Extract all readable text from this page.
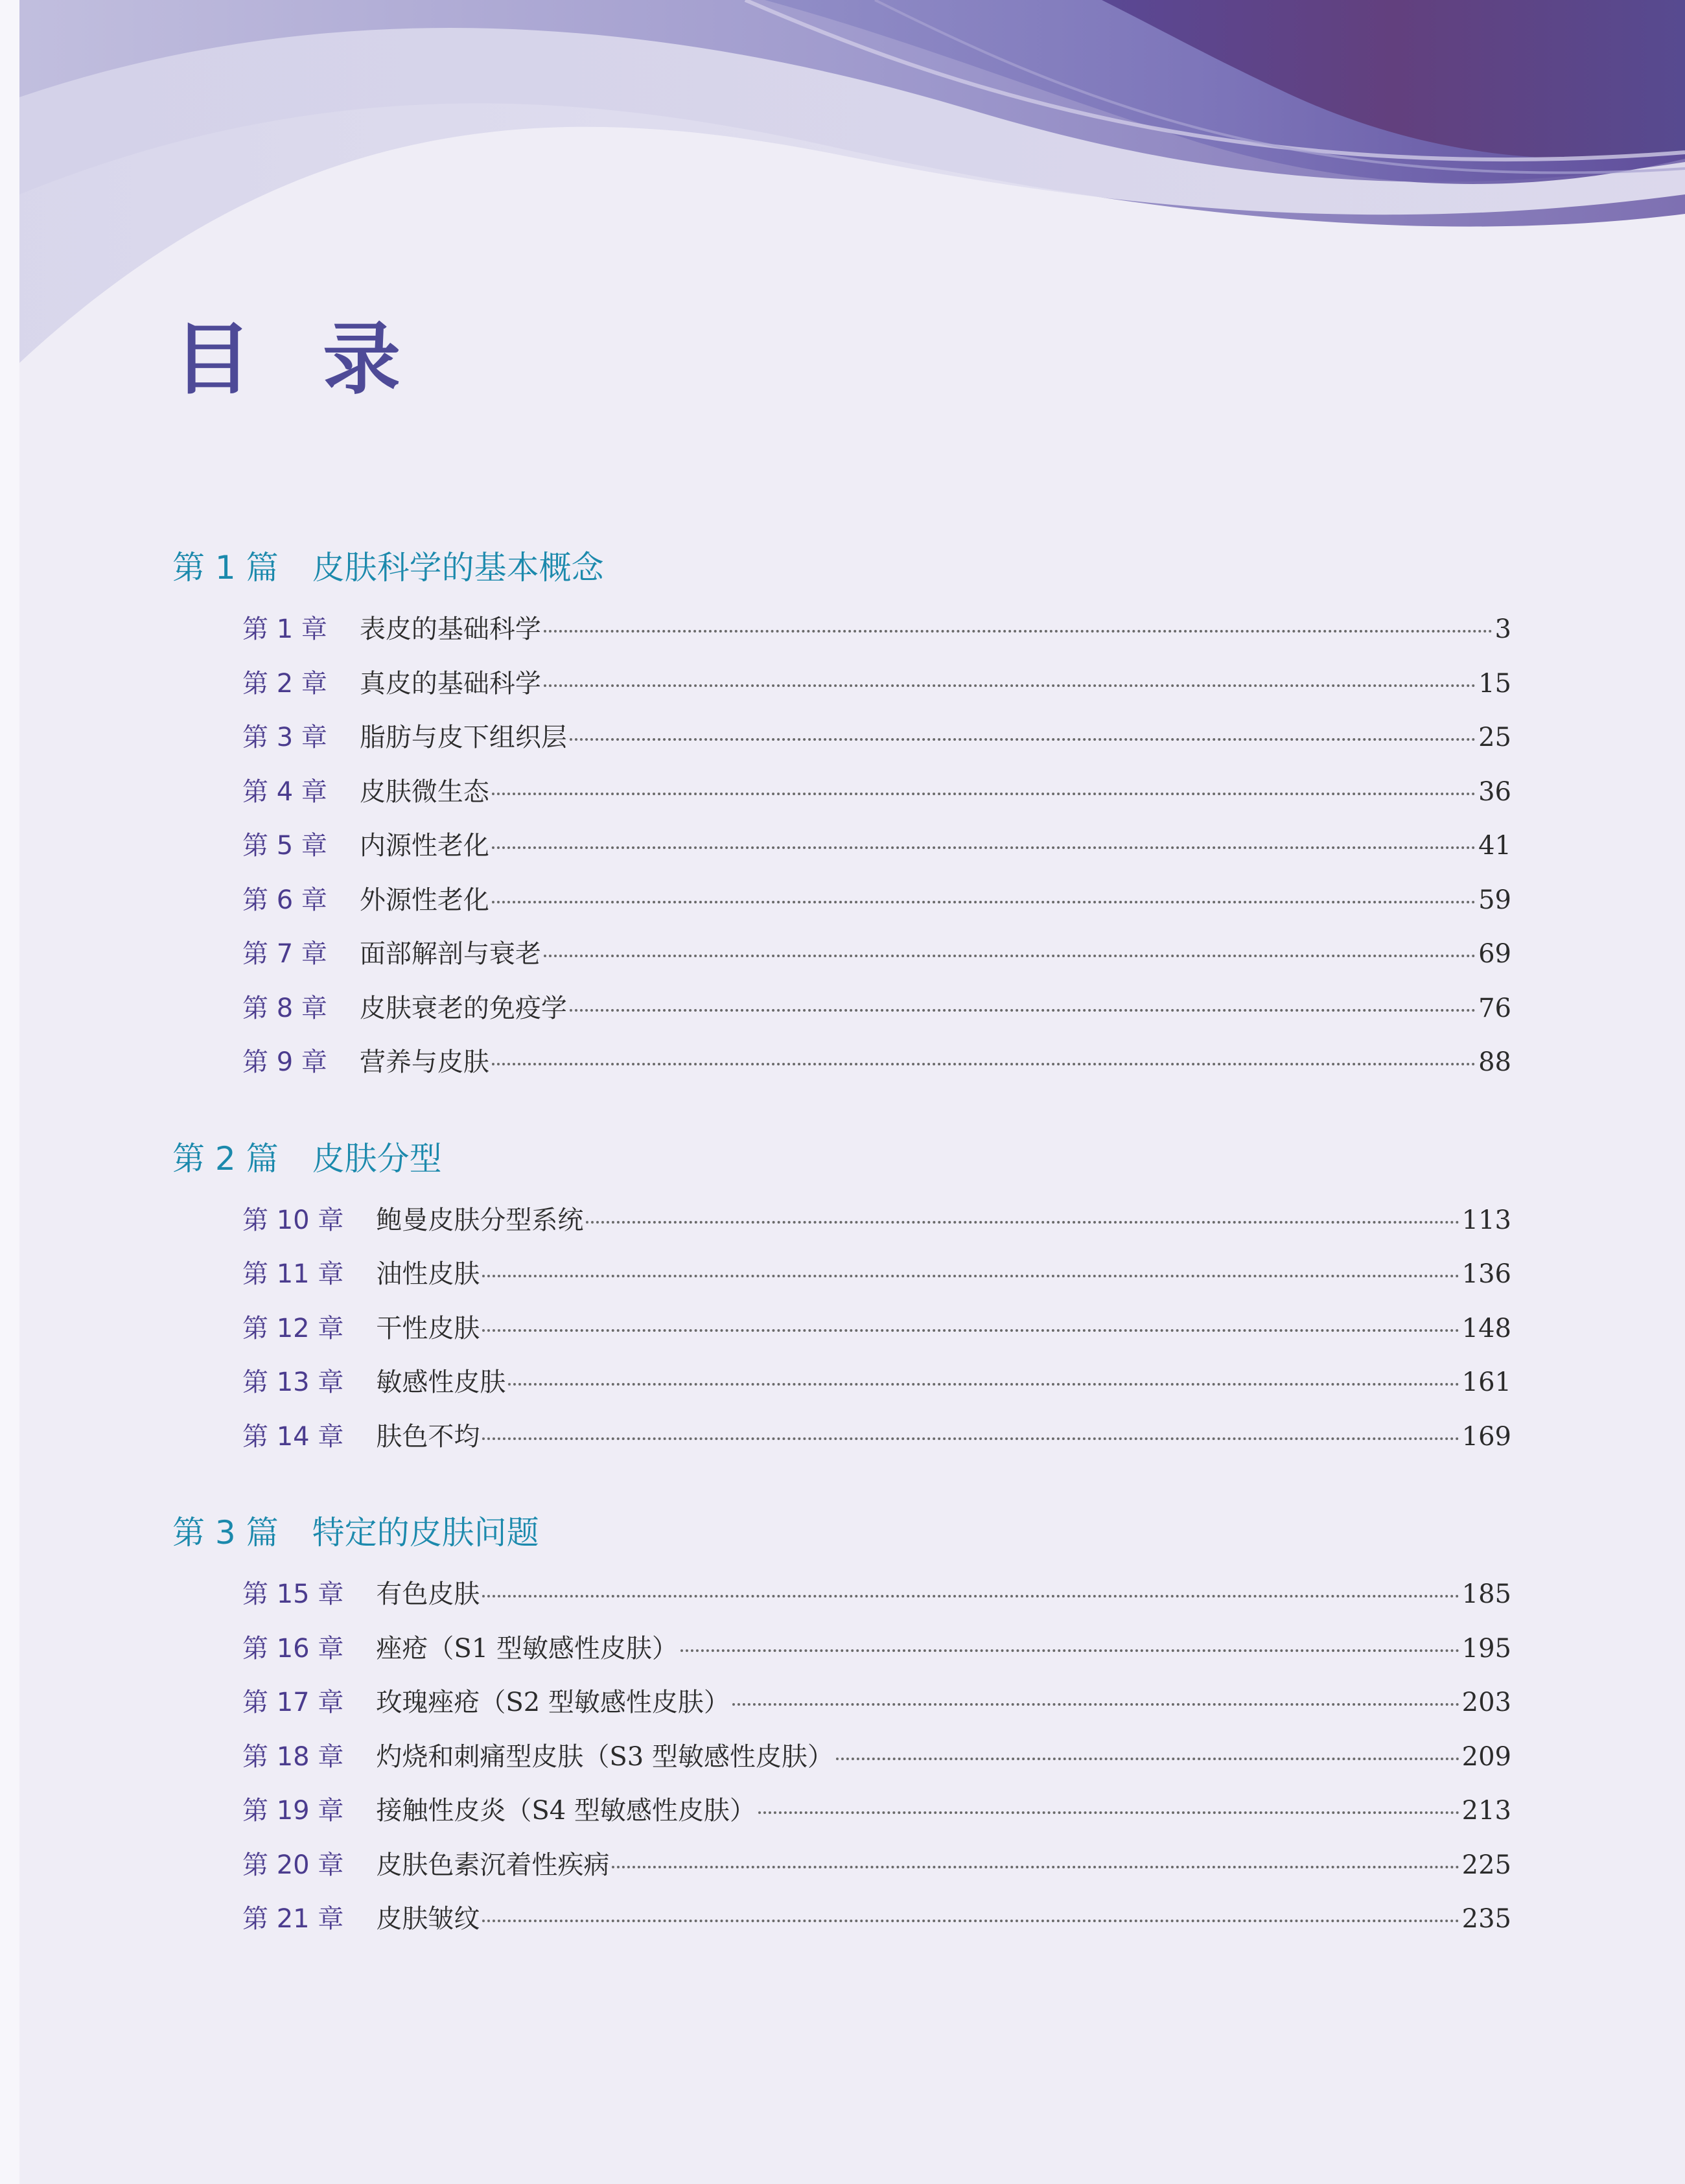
目录
第 1 篇 皮肤科学的基本概念
第 1 章 表皮的基础科学	3
第 2 章 真皮的基础科学	15
第 3 章 脂肪与皮下组织层	25
第 4 章 皮肤微生态	36
第 5 章 内源性老化	41
第 6 章 外源性老化	59
第 7 章 面部解剖与衰老	69
第 8 章 皮肤衰老的免疫学	76
第 9 章 营养与皮肤	88
第 2 篇 皮肤分型
第 10 章 鲍曼皮肤分型系统	113
第 11 章 油性皮肤	136
第 12 章 干性皮肤	148
第 13 章 敏感性皮肤	161
第 14 章 肤色不均	169
第 3 篇 特定的皮肤问题
第 15 章 有色皮肤	185
第 16 章 痤疮（S1 型敏感性皮肤）	195
第 17 章 玫瑰痤疮（S2 型敏感性皮肤）	203
第 18 章 灼烧和刺痛型皮肤（S3 型敏感性皮肤）	209
第 19 章 接触性皮炎（S4 型敏感性皮肤）	213
第 20 章 皮肤色素沉着性疾病	225
第 21 章 皮肤皱纹	235
